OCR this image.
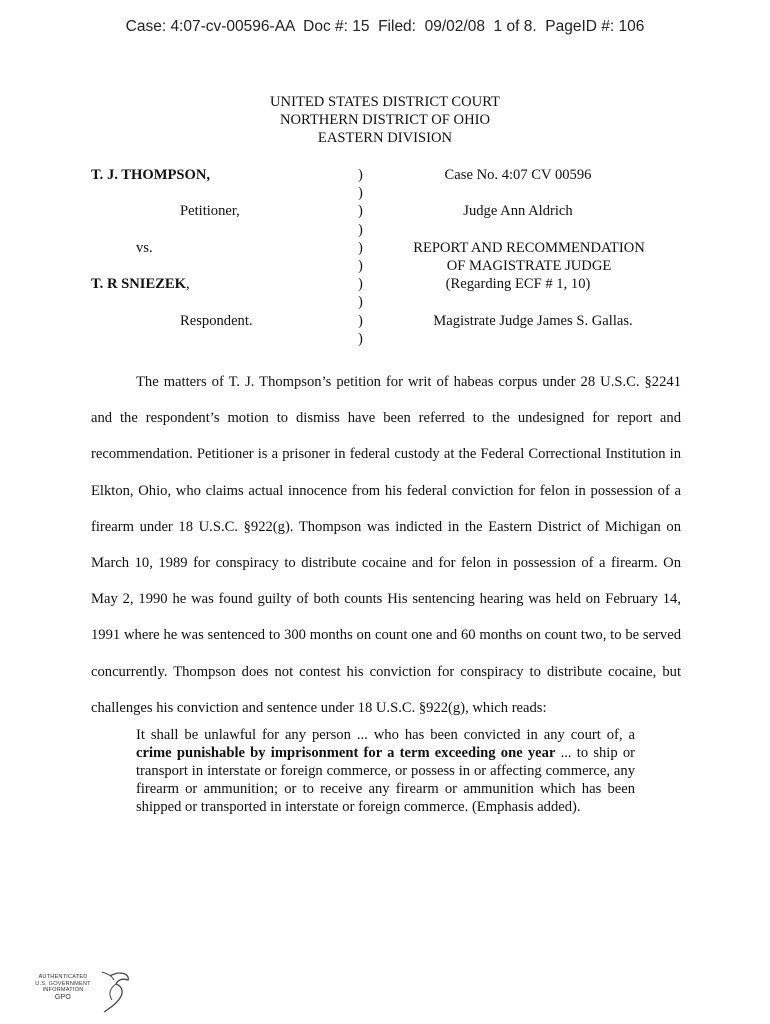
Case: 4:07-cv-00596-AA  Doc #: 15  Filed:  09/02/08  1 of 8.  PageID #: 106
UNITED STATES DISTRICT COURT
NORTHERN DISTRICT OF OHIO
EASTERN DIVISION
T. J. THOMPSON,
Petitioner,
vs.
T. R SNIEZEK,
Respondent.
)
)
)
)
)
)
)
)
)
)
Case No. 4:07 CV 00596
Judge Ann Aldrich
REPORT AND RECOMMENDATION
OF MAGISTRATE JUDGE
(Regarding ECF # 1, 10)
Magistrate Judge James S. Gallas.

The matters of T. J. Thompson’s petition for writ of habeas corpus under 28 U.S.C. §2241 and the respondent’s motion to dismiss have been referred to the undesigned for report and recommendation. Petitioner is a prisoner in federal custody at the Federal Correctional Institution in Elkton, Ohio, who claims actual innocence from his federal conviction for felon in possession of a firearm under 18 U.S.C. §922(g). Thompson was indicted in the Eastern District of Michigan on March 10, 1989 for conspiracy to distribute cocaine and for felon in possession of a firearm. On May 2, 1990 he was found guilty of both counts His sentencing hearing was held on February 14, 1991 where he was sentenced to 300 months on count one and 60 months on count two, to be served concurrently. Thompson does not contest his conviction for conspiracy to distribute cocaine, but challenges his conviction and sentence under 18 U.S.C. §922(g), which reads:

It shall be unlawful for any person ... who has been convicted in any court of, a crime punishable by imprisonment for a term exceeding one year ... to ship or transport in interstate or foreign commerce, or possess in or affecting commerce, any firearm or ammunition; or to receive any firearm or ammunition which has been shipped or transported in interstate or foreign commerce. (Emphasis added).

AUTHENTICATED
U.S. GOVERNMENT
INFORMATION
GPO
